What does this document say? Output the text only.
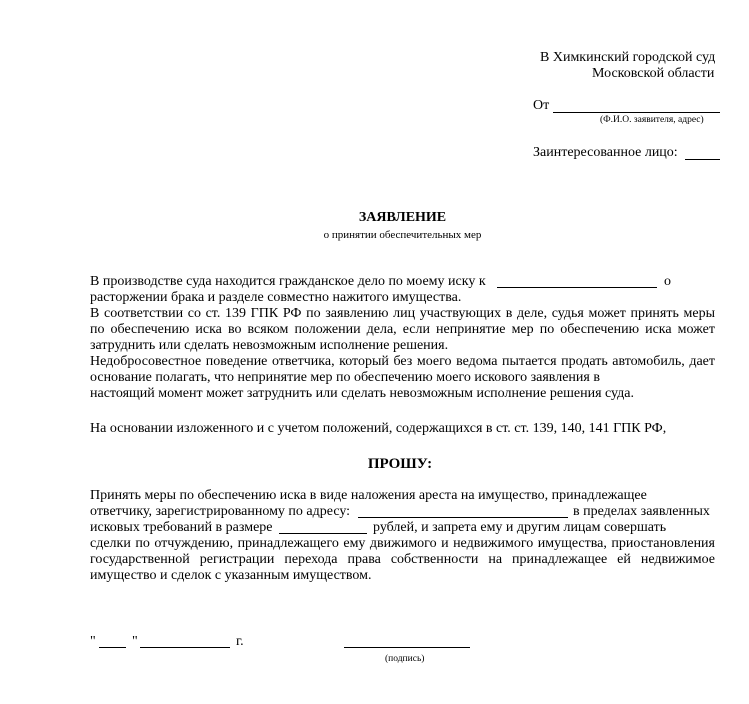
В Химкинский городской суд
Московской области
От
(Ф.И.О. заявителя, адрес)
Заинтересованное лицо:
ЗАЯВЛЕНИЕ
о принятии обеспечительных мер
В производстве суда находится гражданское дело по моему иску к	о
расторжении брака и разделе совместно нажитого имущества.
В соответствии со ст. 139 ГПК РФ по заявлению лиц участвующих в деле, судья может принять меры
по обеспечению иска во всяком положении дела, если непринятие мер по обеспечению иска может
затруднить или сделать невозможным исполнение решения.
Недобросовестное поведение ответчика, который без моего ведома пытается продать автомобиль, дает
основание полагать, что непринятие мер по обеспечению моего искового заявления в
настоящий момент может затруднить или сделать невозможным исполнение решения суда.
На основании изложенного и с учетом положений, содержащихся в ст. ст. 139, 140, 141 ГПК РФ,
ПРОШУ:
Принять меры по обеспечению иска в виде наложения ареста на имущество, принадлежащее
ответчику, зарегистрированному по адресу:	в пределах заявленных
исковых требований в размере	рублей, и запрета ему и другим лицам совершать
сделки по отчуждению, принадлежащего ему движимого и недвижимого имущества, приостановления
государственной регистрации перехода права собственности на принадлежащее ей недвижимое
имущество и сделок с указанным имуществом.
"	"	г.
(подпись)
